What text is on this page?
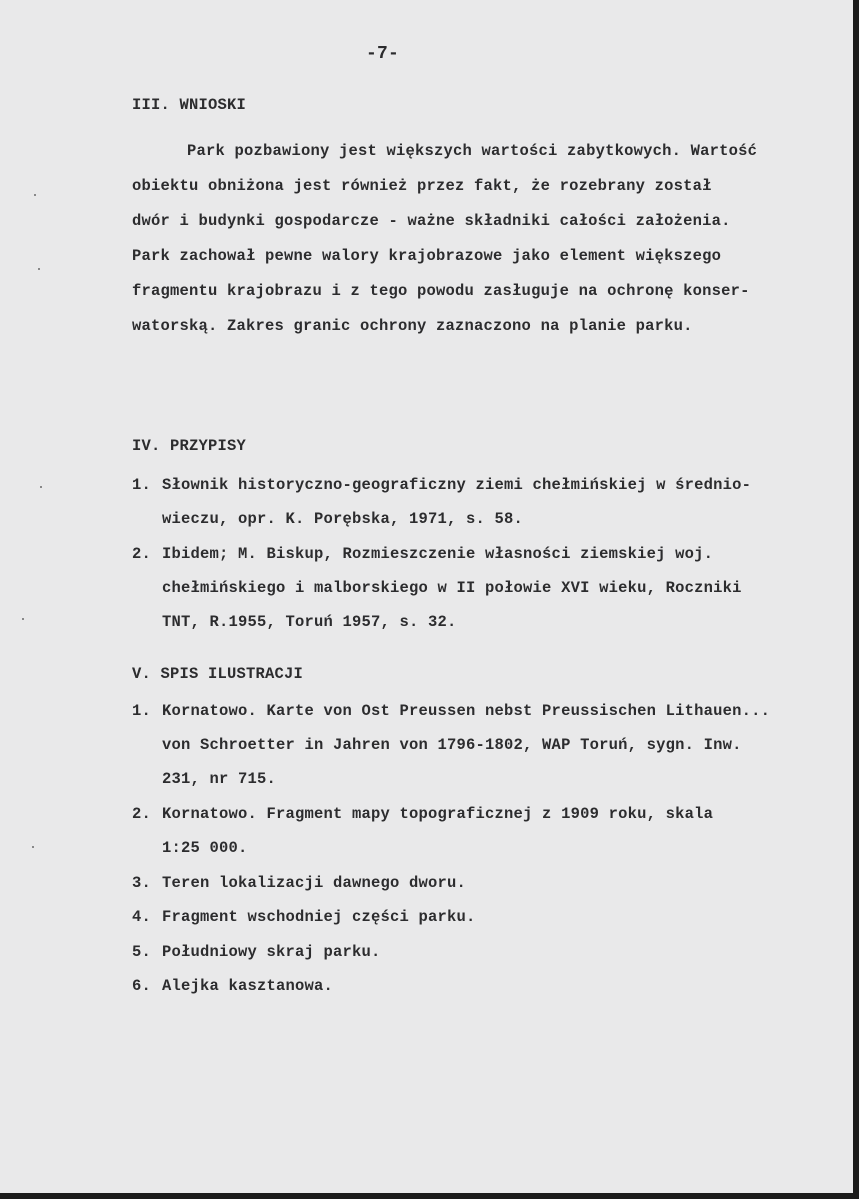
-7-
III. WNIOSKI
Park pozbawiony jest większych wartości zabytkowych. Wartość
obiektu obniżona jest również przez fakt, że rozebrany został
dwór i budynki gospodarcze - ważne składniki całości założenia.
Park zachował pewne walory krajobrazowe jako element większego
fragmentu krajobrazu i z tego powodu zasługuje na ochronę konser-
watorską. Zakres granic ochrony zaznaczono na planie parku.
IV. PRZYPISY
1. Słownik historyczno-geograficzny ziemi chełmińskiej w średnio-
wieczu, opr. K. Porębska, 1971, s. 58.
2. Ibidem; M. Biskup, Rozmieszczenie własności ziemskiej woj.
chełmińskiego i malborskiego w II połowie XVI wieku, Roczniki
TNT, R.1955, Toruń 1957, s. 32.
V. SPIS ILUSTRACJI
1. Kornatowo. Karte von Ost Preussen nebst Preussischen Lithauen...
von Schroetter in Jahren von 1796-1802, WAP Toruń, sygn. Inw.
231, nr 715.
2. Kornatowo. Fragment mapy topograficznej z 1909 roku, skala
1:25 000.
3. Teren lokalizacji dawnego dworu.
4. Fragment wschodniej części parku.
5. Południowy skraj parku.
6. Alejka kasztanowa.
